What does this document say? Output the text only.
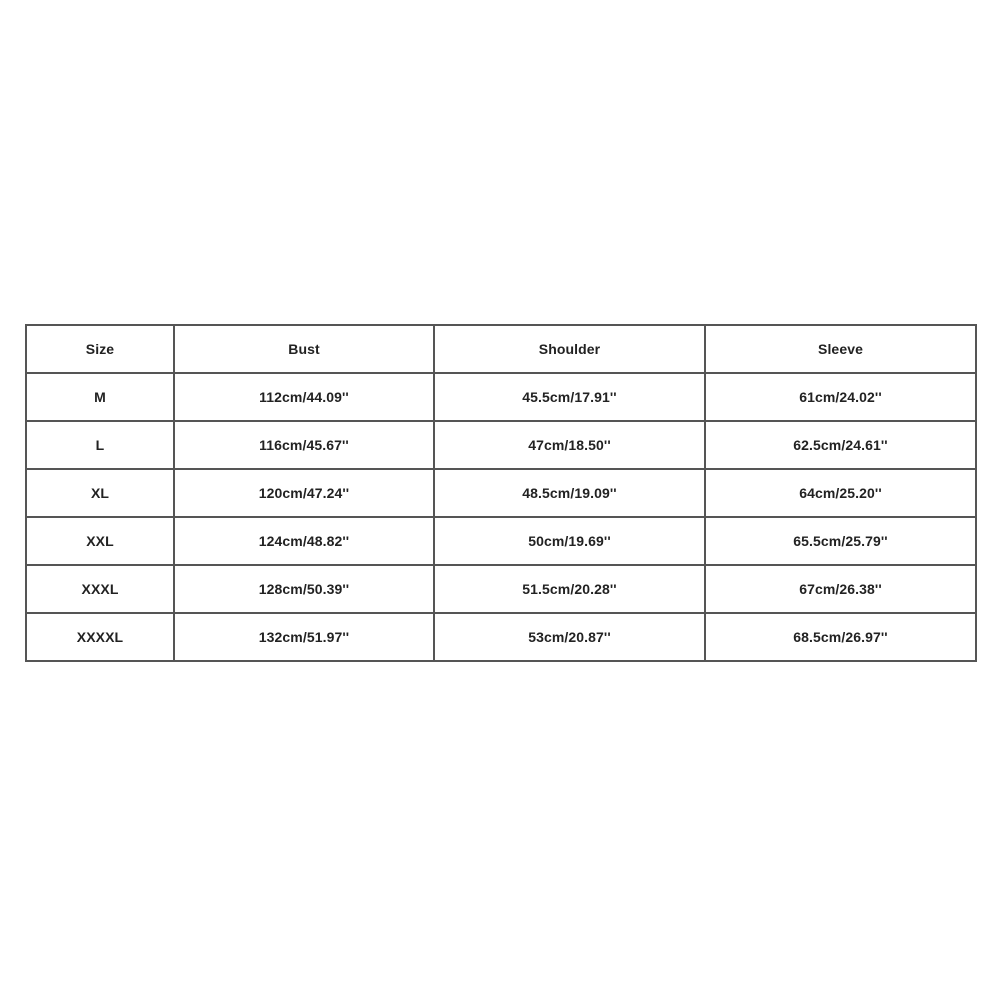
Size	Bust	Shoulder	Sleeve
M	112cm/44.09''	45.5cm/17.91''	61cm/24.02''
L	116cm/45.67''	47cm/18.50''	62.5cm/24.61''
XL	120cm/47.24''	48.5cm/19.09''	64cm/25.20''
XXL	124cm/48.82''	50cm/19.69''	65.5cm/25.79''
XXXL	128cm/50.39''	51.5cm/20.28''	67cm/26.38''
XXXXL	132cm/51.97''	53cm/20.87''	68.5cm/26.97''
